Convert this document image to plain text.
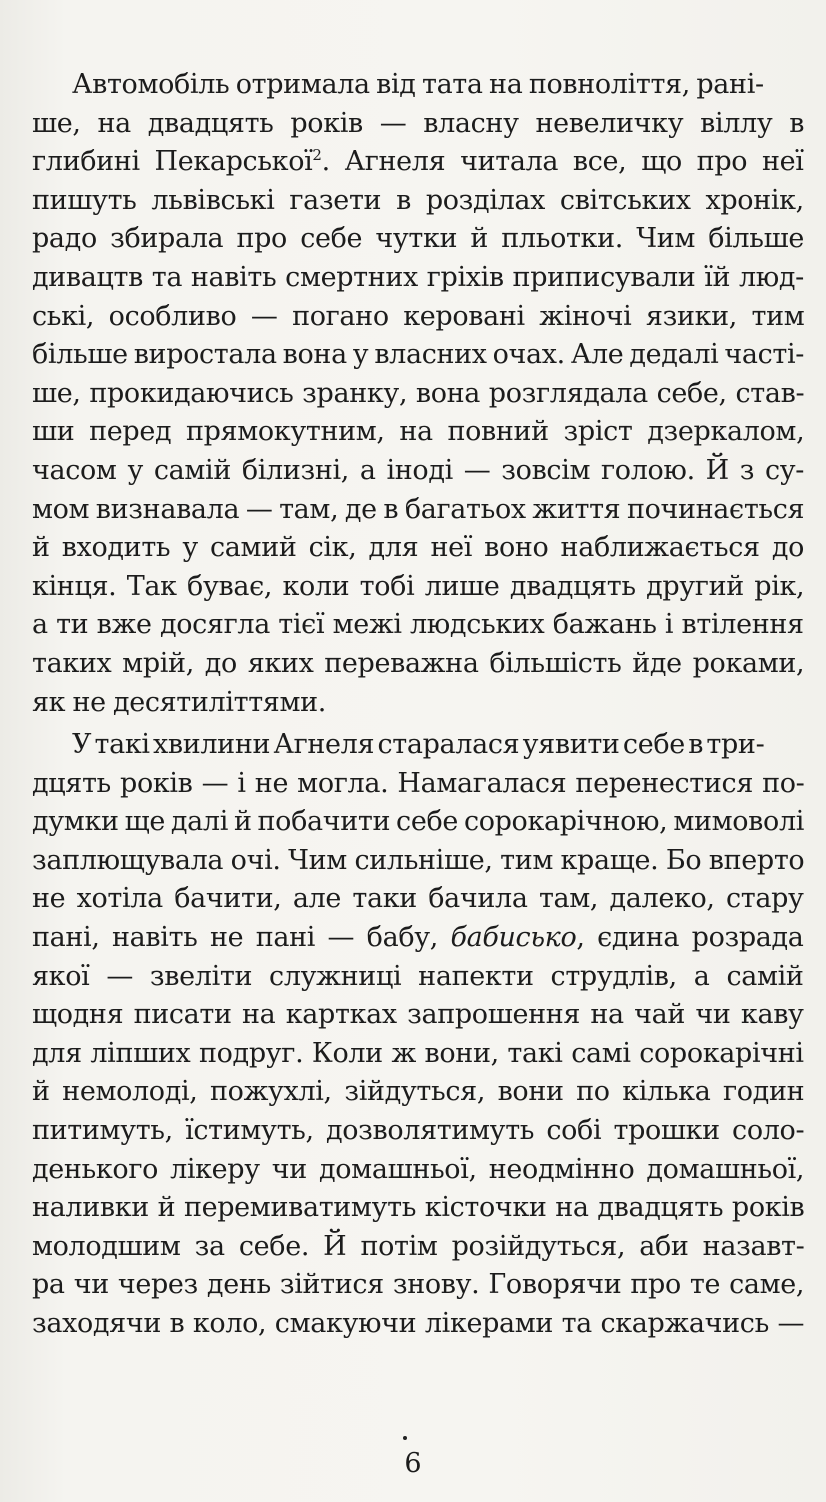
Автомобіль отримала від тата на повноліття, рані-
ше, на двадцять років — власну невеличку віллу в
глибині Пекарської$^2$. Агнеля читала все, що про неї
пишуть львівські газети в розділах світських хронік,
радо збирала про себе чутки й пльотки. Чим більше
дивацтв та навіть смертних гріхів приписували їй люд-
ські, особливо — погано керовані жіночі язики, тим
більше виростала вона у власних очах. Але дедалі часті-
ше, прокидаючись зранку, вона розглядала себе, став-
ши перед прямокутним, на повний зріст дзеркалом,
часом у самій білизні, а іноді — зовсім голою. Й з су-
мом визнавала — там, де в багатьох життя починається
й входить у самий сік, для неї воно наближається до
кінця. Так буває, коли тобі лише двадцять другий рік,
а ти вже досягла тієї межі людських бажань і втілення
таких мрій, до яких переважна більшість йде роками,
як не десятиліттями.

У такі хвилини Агнеля старалася уявити себе в три-
дцять років — і не могла. Намагалася перенестися по-
думки ще далі й побачити себе сорокарічною, мимоволі
заплющувала очі. Чим сильніше, тим краще. Бо вперто
не хотіла бачити, але таки бачила там, далеко, стару
пані, навіть не пані — бабу, бабисько, єдина розрада
якої — звеліти служниці напекти струдлів, а самій
щодня писати на картках запрошення на чай чи каву
для ліпших подруг. Коли ж вони, такі самі сорокарічні
й немолоді, пожухлі, зійдуться, вони по кілька годин
питимуть, їстимуть, дозволятимуть собі трошки соло-
денького лікеру чи домашньої, неодмінно домашньої,
наливки й перемиватимуть кісточки на двадцять років
молодшим за себе. Й потім розійдуться, аби назавт-
ра чи через день зійтися знову. Говорячи про те саме,
заходячи в коло, смакуючи лікерами та скаржачись —

6
